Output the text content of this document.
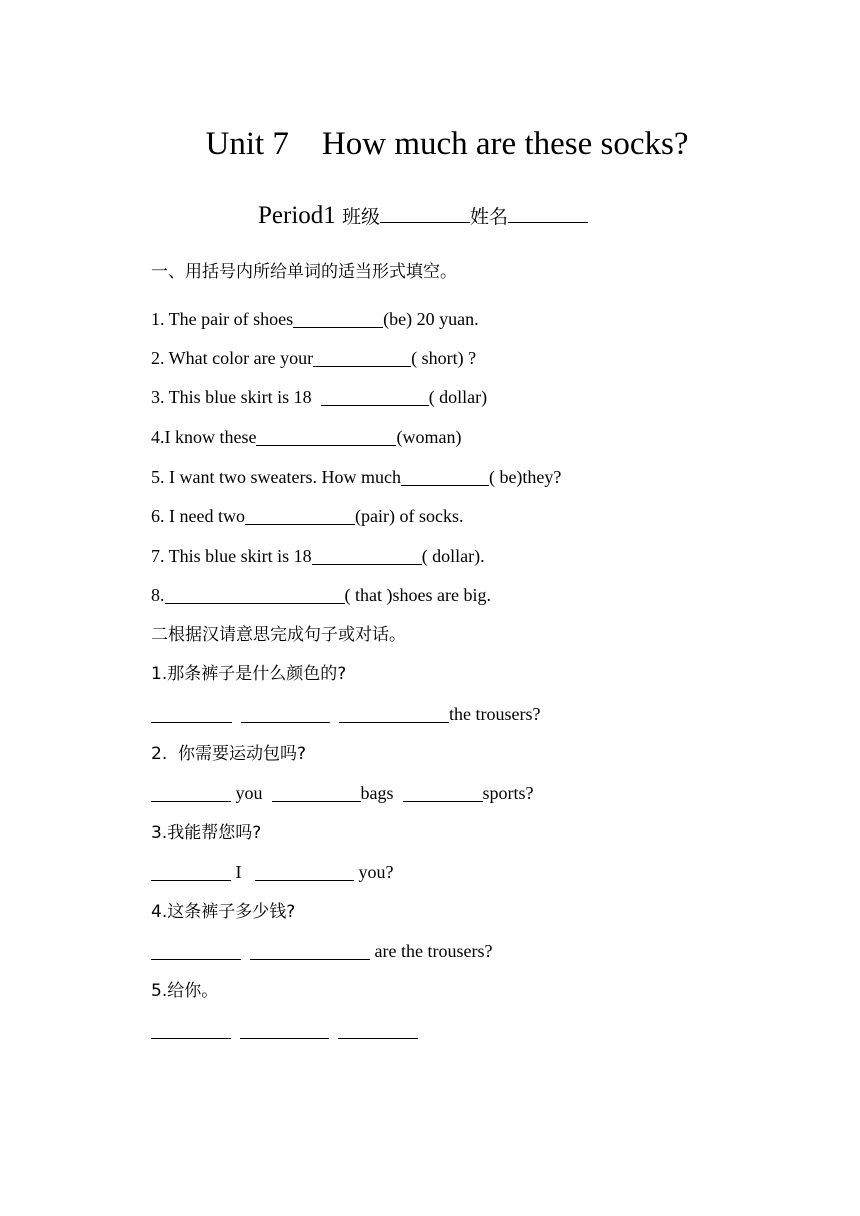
Unit 7    How much are these socks?
Period1 班级	姓名
一、用括号内所给单词的适当形式填空。
1. The pair of shoes	(be) 20 yuan.
2. What color are your	( short) ?
3. This blue skirt is 18	( dollar)
4.I know these	(woman)
5. I want two sweaters. How much	( be)they?
6. I need two	(pair) of socks.
7. This blue skirt is 18	( dollar).
8.	( that )shoes are big.
二根据汉请意思完成句子或对话。
1.那条裤子是什么颜色的?
the trousers?
2.  你需要运动包吗?
you	bags	sports?
3.我能帮您吗?
I	you?
4.这条裤子多少钱?
are the trousers?
5.给你。
